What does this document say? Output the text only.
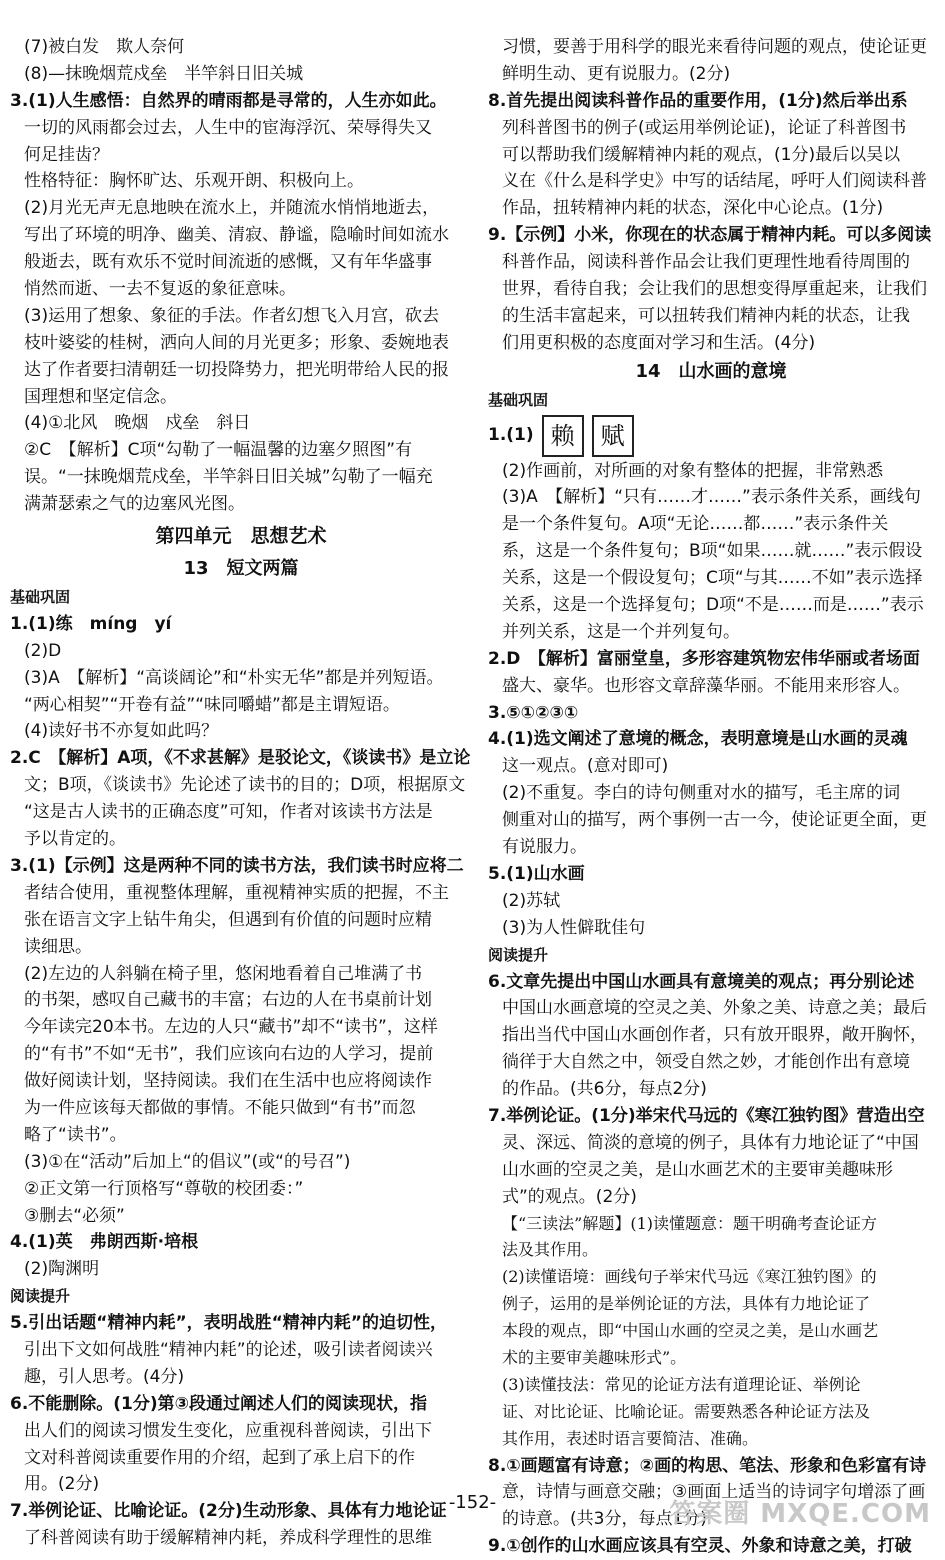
(7)被白发　欺人奈何
(8)—抹晚烟荒戍垒　半竿斜日旧关城
3.(1)人生感悟：自然界的晴雨都是寻常的，人生亦如此。
一切的风雨都会过去，人生中的宦海浮沉、荣辱得失又
何足挂齿？
性格特征：胸怀旷达、乐观开朗、积极向上。
(2)月光无声无息地映在流水上，并随流水悄悄地逝去，
写出了环境的明净、幽美、清寂、静谧，隐喻时间如流水
般逝去，既有欢乐不觉时间流逝的感慨，又有年华盛事
悄然而逝、一去不复返的象征意味。
(3)运用了想象、象征的手法。作者幻想飞入月宫，砍去
枝叶婆娑的桂树，洒向人间的月光更多；形象、委婉地表
达了作者要扫清朝廷一切投降势力，把光明带给人民的报
国理想和坚定信念。
(4)①北风　晚烟　戍垒　斜日
②C　【解析】C项“勾勒了一幅温馨的边塞夕照图”有
误。“一抹晚烟荒戍垒，半竿斜日旧关城”勾勒了一幅充
满萧瑟索之气的边塞风光图。
第四单元　思想艺术
13　短文两篇
基础巩固
1.(1)练　míng　yí
(2)D
(3)A　【解析】“高谈阔论”和“朴实无华”都是并列短语。
“两心相契”“开卷有益”“味同嚼蜡”都是主谓短语。
(4)读好书不亦复如此吗？
2.C　【解析】A项，《不求甚解》是驳论文，《谈读书》是立论
文；B项，《谈读书》先论述了读书的目的；D项，根据原文
“这是古人读书的正确态度”可知，作者对该读书方法是
予以肯定的。
3.(1)【示例】这是两种不同的读书方法，我们读书时应将二
者结合使用，重视整体理解，重视精神实质的把握，不主
张在语言文字上钻牛角尖，但遇到有价值的问题时应精
读细思。
(2)左边的人斜躺在椅子里，悠闲地看着自己堆满了书
的书架，感叹自己藏书的丰富；右边的人在书桌前计划
今年读完20本书。左边的人只“藏书”却不“读书”，这样
的“有书”不如“无书”，我们应该向右边的人学习，提前
做好阅读计划，坚持阅读。我们在生活中也应将阅读作
为一件应该每天都做的事情。不能只做到“有书”而忽
略了“读书”。
(3)①在“活动”后加上“的倡议”(或“的号召”)
②正文第一行顶格写“尊敬的校团委：”
③删去“必须”
4.(1)英　弗朗西斯·培根
(2)陶渊明
阅读提升
5.引出话题“精神内耗”，表明战胜“精神内耗”的迫切性，
引出下文如何战胜“精神内耗”的论述，吸引读者阅读兴
趣，引人思考。(4分)
6.不能删除。(1分)第③段通过阐述人们的阅读现状，指
出人们的阅读习惯发生变化，应重视科普阅读，引出下
文对科普阅读重要作用的介绍，起到了承上启下的作
用。(2分)
7.举例论证、比喻论证。(2分)生动形象、具体有力地论证
了科普阅读有助于缓解精神内耗，养成科学理性的思维
习惯，要善于用科学的眼光来看待问题的观点，使论证更
鲜明生动、更有说服力。(2分)
8.首先提出阅读科普作品的重要作用，(1分)然后举出系
列科普图书的例子(或运用举例论证)，论证了科普图书
可以帮助我们缓解精神内耗的观点，(1分)最后以吴以
义在《什么是科学史》中写的话结尾，呼吁人们阅读科普
作品，扭转精神内耗的状态，深化中心论点。(1分)
9.【示例】小米，你现在的状态属于精神内耗。可以多阅读
科普作品，阅读科普作品会让我们更理性地看待周围的
世界，看待自我；会让我们的思想变得厚重起来，让我们
的生活丰富起来，可以扭转我们精神内耗的状态，让我
们用更积极的态度面对学习和生活。(4分)
14　山水画的意境
基础巩固
1.(1) 赖	赋
(2)作画前，对所画的对象有整体的把握，非常熟悉
(3)A　【解析】“只有……才……”表示条件关系，画线句
是一个条件复句。A项“无论……都……”表示条件关
系，这是一个条件复句；B项“如果……就……”表示假设
关系，这是一个假设复句；C项“与其……不如”表示选择
关系，这是一个选择复句；D项“不是……而是……”表示
并列关系，这是一个并列复句。
2.D　【解析】富丽堂皇，多形容建筑物宏伟华丽或者场面
盛大、豪华。也形容文章辞藻华丽。不能用来形容人。
3.⑤①②③①
4.(1)选文阐述了意境的概念，表明意境是山水画的灵魂
这一观点。(意对即可)
(2)不重复。李白的诗句侧重对水的描写，毛主席的词
侧重对山的描写，两个事例一古一今，使论证更全面，更
有说服力。
5.(1)山水画
(2)苏轼
(3)为人性僻耽佳句
阅读提升
6.文章先提出中国山水画具有意境美的观点；再分别论述
中国山水画意境的空灵之美、外象之美、诗意之美；最后
指出当代中国山水画创作者，只有放开眼界，敞开胸怀，
徜徉于大自然之中，领受自然之妙，才能创作出有意境
的作品。(共6分，每点2分)
7.举例论证。(1分)举宋代马远的《寒江独钓图》营造出空
灵、深远、简淡的意境的例子，具体有力地论证了“中国
山水画的空灵之美，是山水画艺术的主要审美趣味形
式”的观点。(2分)
【“三读法”解题】(1)读懂题意：题干明确考查论证方
法及其作用。
(2)读懂语境：画线句子举宋代马远《寒江独钓图》的
例子，运用的是举例论证的方法，具体有力地论证了
本段的观点，即“中国山水画的空灵之美，是山水画艺
术的主要审美趣味形式”。
(3)读懂技法：常见的论证方法有道理论证、举例论
证、对比论证、比喻论证。需要熟悉各种论证方法及
其作用，表述时语言要简洁、准确。
8.①画题富有诗意；②画的构思、笔法、形象和色彩富有诗
意，诗情与画意交融；③画面上适当的诗词字句增添了画
的诗意。(共3分，每点1分)
9.①创作的山水画应该具有空灵、外象和诗意之美，打破
-152-	答案圈 MXQE.COM
